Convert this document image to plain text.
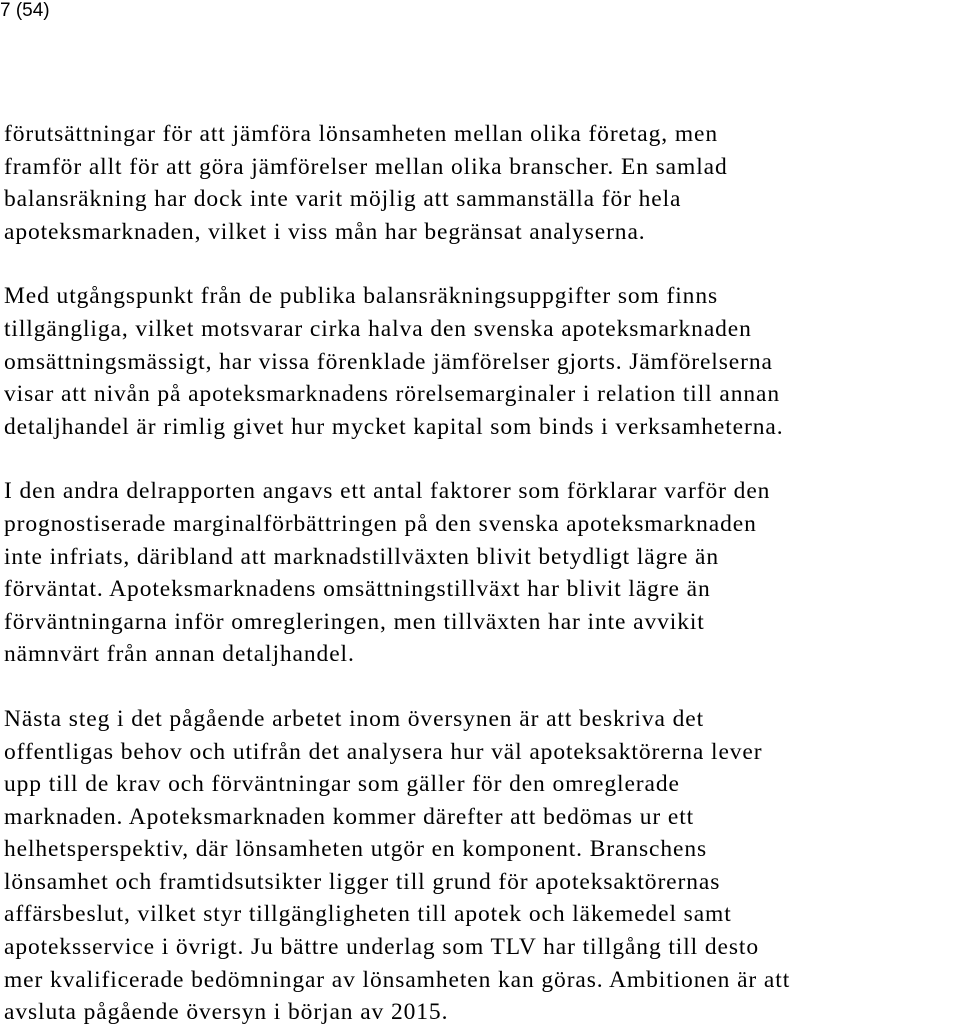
7 (54)

förutsättningar för att jämföra lönsamheten mellan olika företag, men
framför allt för att göra jämförelser mellan olika branscher. En samlad
balansräkning har dock inte varit möjlig att sammanställa för hela
apoteksmarknaden, vilket i viss mån har begränsat analyserna.

Med utgångspunkt från de publika balansräkningsuppgifter som finns
tillgängliga, vilket motsvarar cirka halva den svenska apoteksmarknaden
omsättningsmässigt, har vissa förenklade jämförelser gjorts. Jämförelserna
visar att nivån på apoteksmarknadens rörelsemarginaler i relation till annan
detaljhandel är rimlig givet hur mycket kapital som binds i verksamheterna.

I den andra delrapporten angavs ett antal faktorer som förklarar varför den
prognostiserade marginalförbättringen på den svenska apoteksmarknaden
inte infriats, däribland att marknadstillväxten blivit betydligt lägre än
förväntat. Apoteksmarknadens omsättningstillväxt har blivit lägre än
förväntningarna inför omregleringen, men tillväxten har inte avvikit
nämnvärt från annan detaljhandel.

Nästa steg i det pågående arbetet inom översynen är att beskriva det
offentligas behov och utifrån det analysera hur väl apoteksaktörerna lever
upp till de krav och förväntningar som gäller för den omreglerade
marknaden. Apoteksmarknaden kommer därefter att bedömas ur ett
helhetsperspektiv, där lönsamheten utgör en komponent. Branschens
lönsamhet och framtidsutsikter ligger till grund för apoteksaktörernas
affärsbeslut, vilket styr tillgängligheten till apotek och läkemedel samt
apoteksservice i övrigt. Ju bättre underlag som TLV har tillgång till desto
mer kvalificerade bedömningar av lönsamheten kan göras. Ambitionen är att
avsluta pågående översyn i början av 2015.
